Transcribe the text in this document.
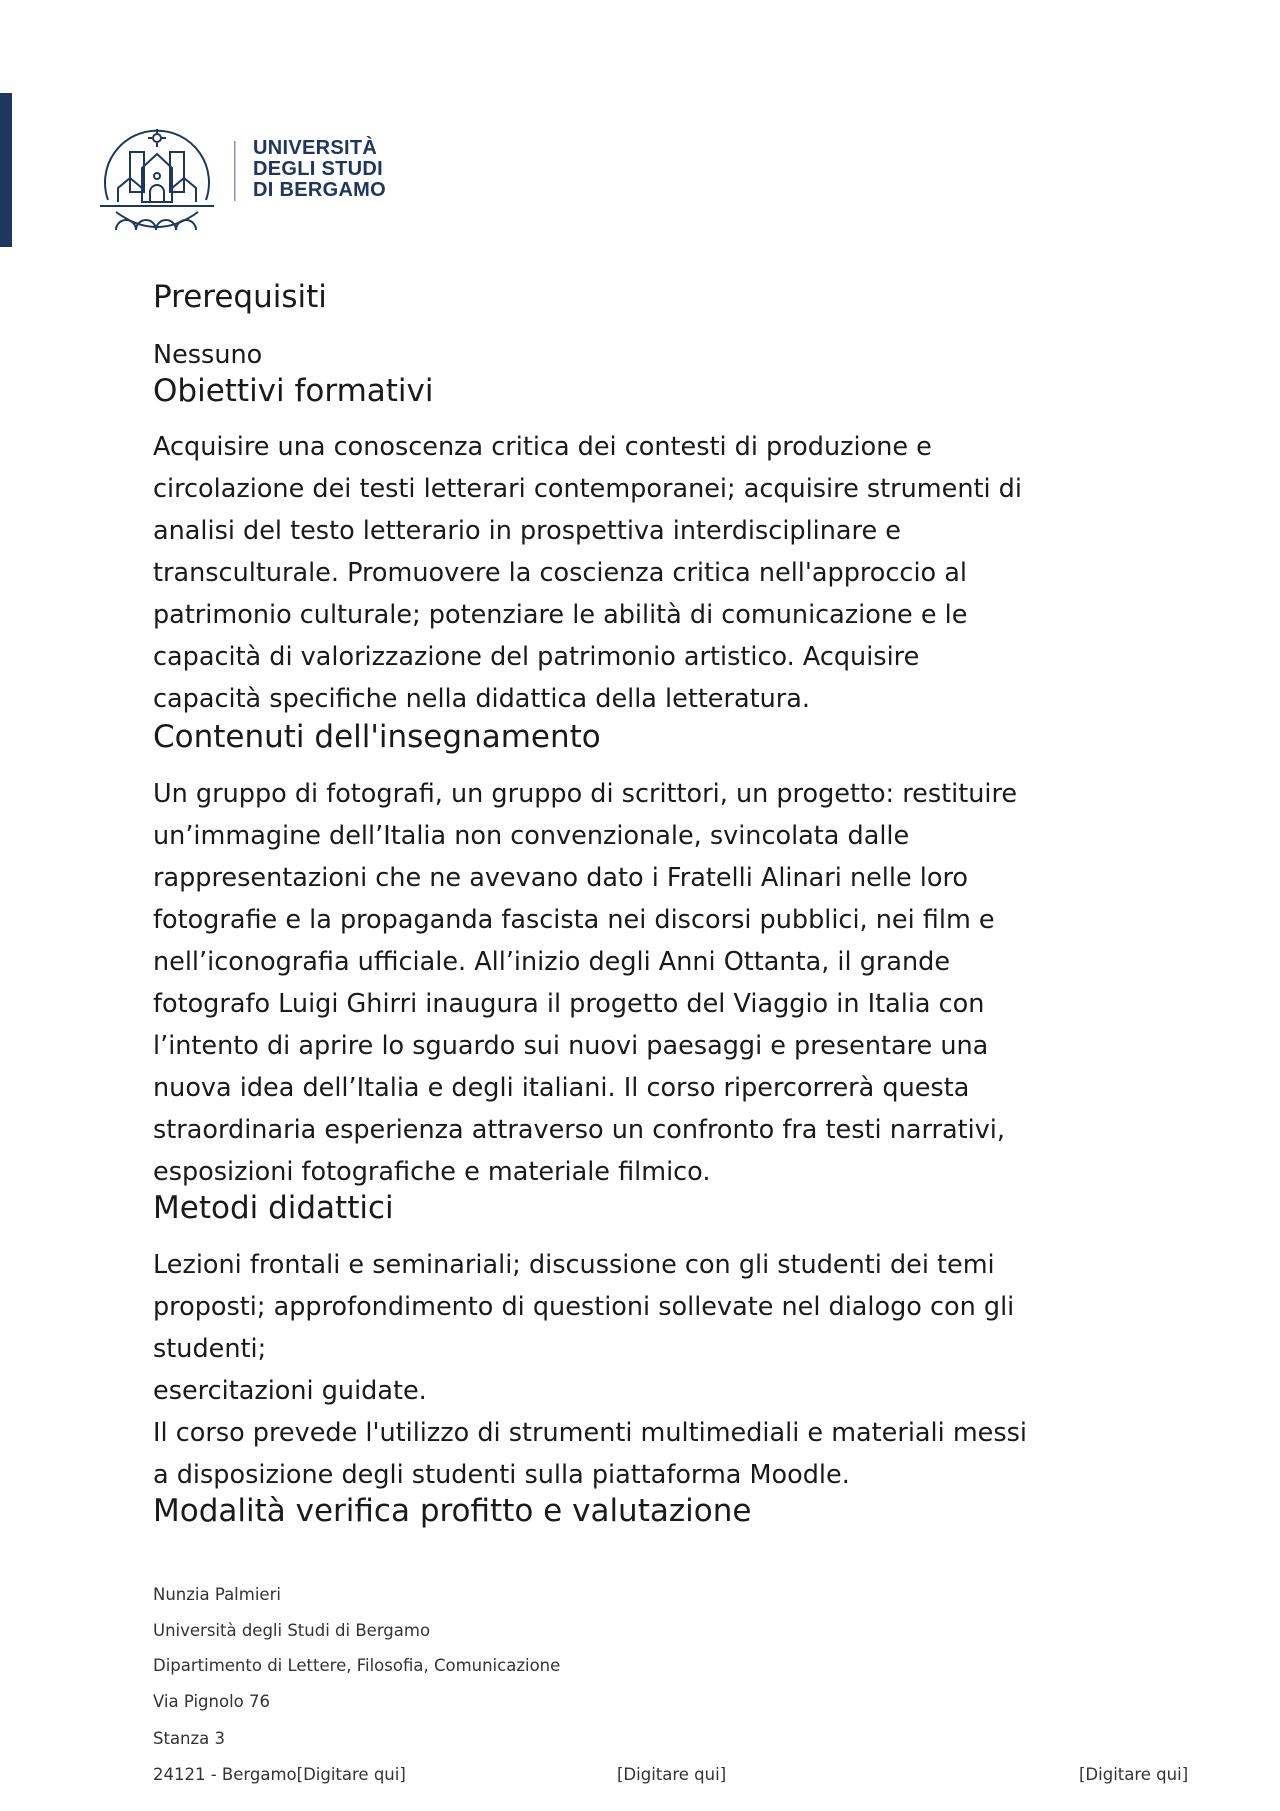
UNIVERSITÀ
DEGLI STUDI
DI BERGAMO
Prerequisiti
Nessuno
Obiettivi formativi
Acquisire una conoscenza critica dei contesti di produzione e
circolazione dei testi letterari contemporanei; acquisire strumenti di
analisi del testo letterario in prospettiva interdisciplinare e
transculturale. Promuovere la coscienza critica nell'approccio al
patrimonio culturale; potenziare le abilità di comunicazione e le
capacità di valorizzazione del patrimonio artistico. Acquisire
capacità specifiche nella didattica della letteratura.
Contenuti dell'insegnamento
Un gruppo di fotografi, un gruppo di scrittori, un progetto: restituire
un’immagine dell’Italia non convenzionale, svincolata dalle
rappresentazioni che ne avevano dato i Fratelli Alinari nelle loro
fotografie e la propaganda fascista nei discorsi pubblici, nei film e
nell’iconografia ufficiale. All’inizio degli Anni Ottanta, il grande
fotografo Luigi Ghirri inaugura il progetto del Viaggio in Italia con
l’intento di aprire lo sguardo sui nuovi paesaggi e presentare una
nuova idea dell’Italia e degli italiani. Il corso ripercorrerà questa
straordinaria esperienza attraverso un confronto fra testi narrativi,
esposizioni fotografiche e materiale filmico.
Metodi didattici
Lezioni frontali e seminariali; discussione con gli studenti dei temi
proposti; approfondimento di questioni sollevate nel dialogo con gli
studenti;
esercitazioni guidate.
Il corso prevede l'utilizzo di strumenti multimediali e materiali messi
a disposizione degli studenti sulla piattaforma Moodle.
Modalità verifica profitto e valutazione
Nunzia Palmieri
Università degli Studi di Bergamo
Dipartimento di Lettere, Filosofia, Comunicazione
Via Pignolo 76
Stanza 3
24121 - Bergamo[Digitare qui]	[Digitare qui]	[Digitare qui]
